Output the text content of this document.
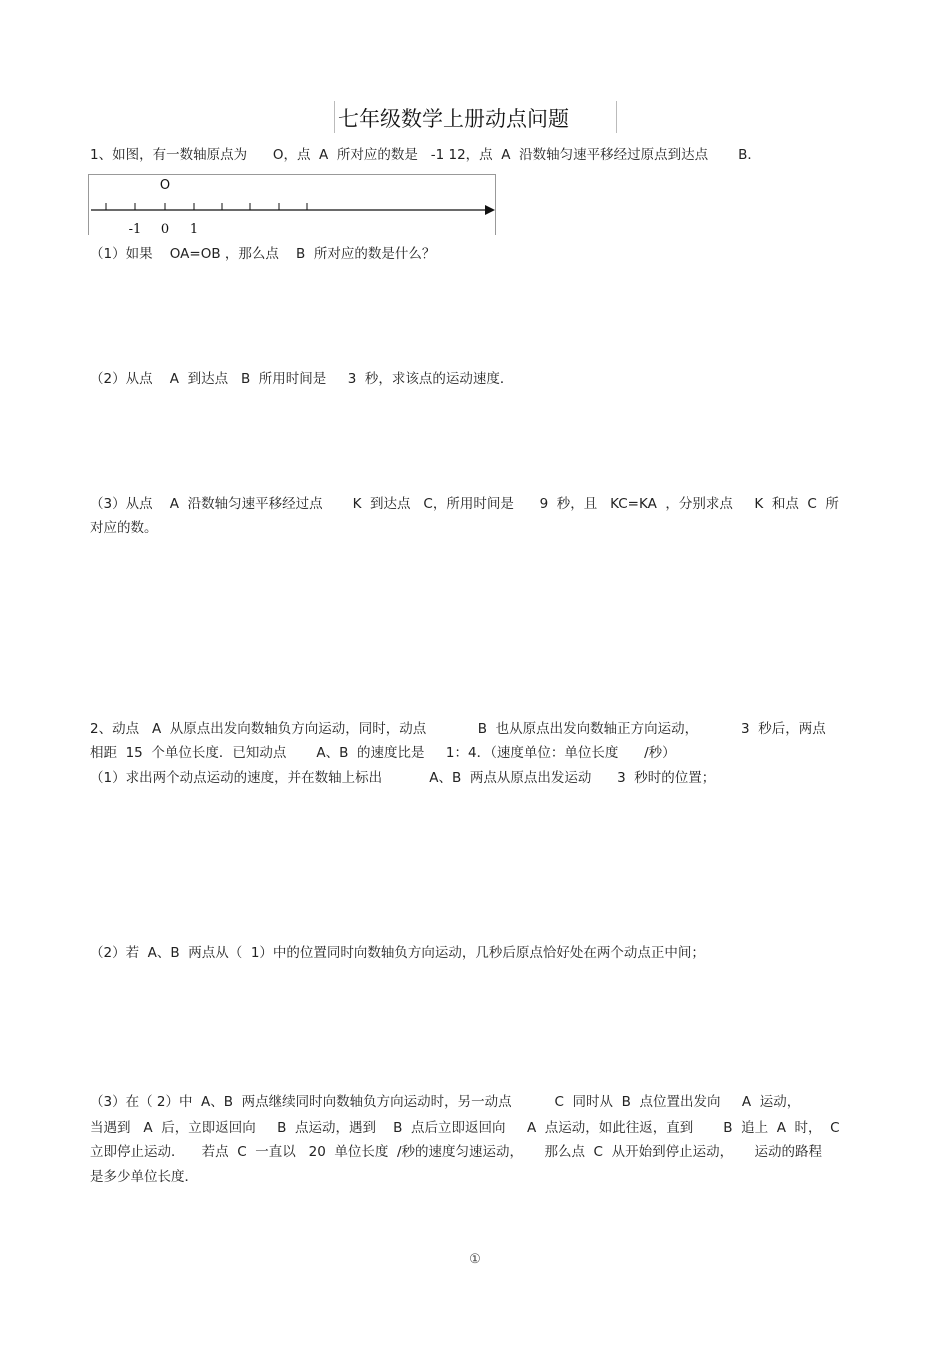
七年级数学上册动点问题
1、如图，有一数轴原点为      O，点  A  所对应的数是   -1 12，点  A  沿数轴匀速平移经过原点到达点       B．
O
-1 0 1
（1）如果    OA=OB ，那么点    B  所对应的数是什么？
（2）从点    A  到达点   B  所用时间是     3  秒，求该点的运动速度．
（3）从点    A  沿数轴匀速平移经过点       K  到达点   C，所用时间是      9  秒，且   KC=KA  ，分别求点     K  和点  C  所
对应的数。
2、动点   A  从原点出发向数轴负方向运动，同时，动点            B  也从原点出发向数轴正方向运动，          3  秒后，两点
相距  15  个单位长度．已知动点       A、B  的速度比是     1：4．（速度单位：单位长度      /秒）
（1）求出两个动点运动的速度，并在数轴上标出           A、B  两点从原点出发运动      3  秒时的位置；
（2）若  A、B  两点从（  1）中的位置同时向数轴负方向运动，几秒后原点恰好处在两个动点正中间；
（3）在（ 2）中  A、B  两点继续同时向数轴负方向运动时，另一动点          C  同时从  B  点位置出发向     A  运动，
当遇到   A  后，立即返回向     B  点运动，遇到    B  点后立即返回向     A  点运动，如此往返，直到       B  追上  A  时，  C
立即停止运动．    若点  C  一直以   20  单位长度  /秒的速度匀速运动，     那么点  C  从开始到停止运动，     运动的路程
是多少单位长度．
①
